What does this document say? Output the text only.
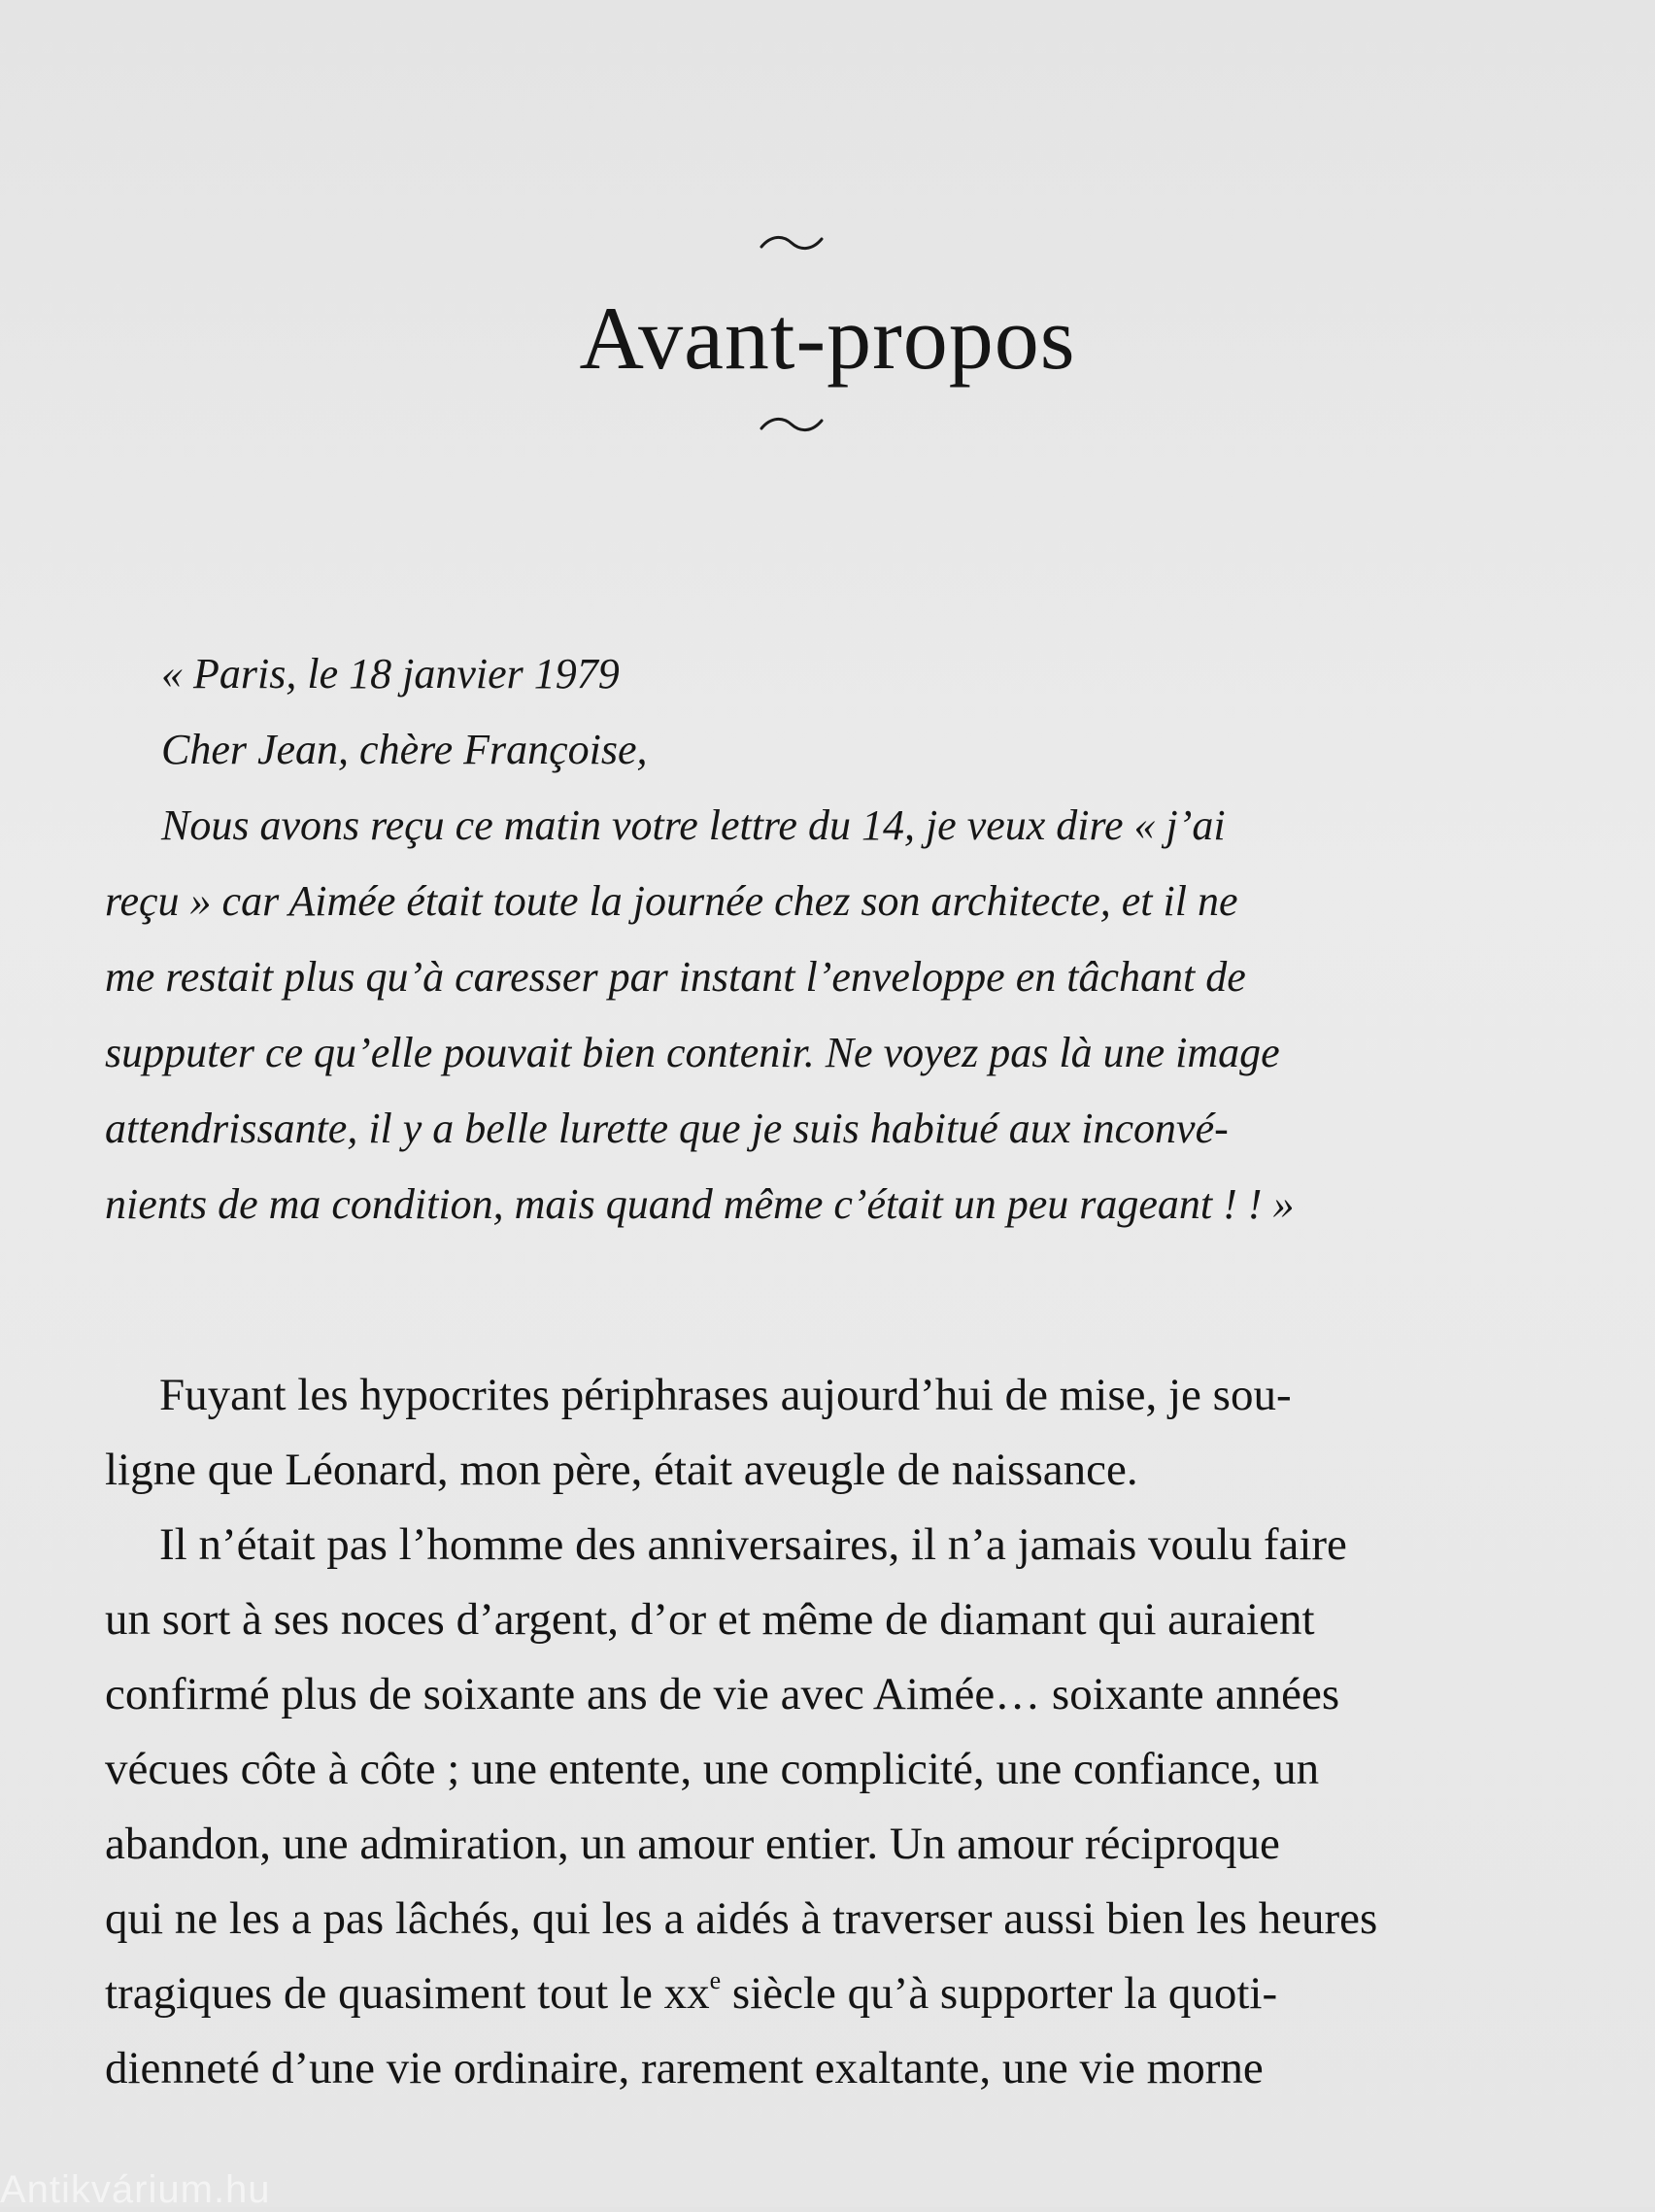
Avant-propos
« Paris, le 18 janvier 1979
Cher Jean, chère Françoise,
Nous avons reçu ce matin votre lettre du 14, je veux dire « j’ai
reçu » car Aimée était toute la journée chez son architecte, et il ne
me restait plus qu’à caresser par instant l’enveloppe en tâchant de
supputer ce qu’elle pouvait bien contenir. Ne voyez pas là une image
attendrissante, il y a belle lurette que je suis habitué aux inconvé-
nients de ma condition, mais quand même c’était un peu rageant ! ! »
Fuyant les hypocrites périphrases aujourd’hui de mise, je sou-
ligne que Léonard, mon père, était aveugle de naissance.
Il n’était pas l’homme des anniversaires, il n’a jamais voulu faire
un sort à ses noces d’argent, d’or et même de diamant qui auraient
confirmé plus de soixante ans de vie avec Aimée… soixante années
vécues côte à côte ; une entente, une complicité, une confiance, un
abandon, une admiration, un amour entier. Un amour réciproque
qui ne les a pas lâchés, qui les a aidés à traverser aussi bien les heures
tragiques de quasiment tout le $xx^e$ siècle qu’à supporter la quoti-
dienneté d’une vie ordinaire, rarement exaltante, une vie morne
Antikvárium.hu
